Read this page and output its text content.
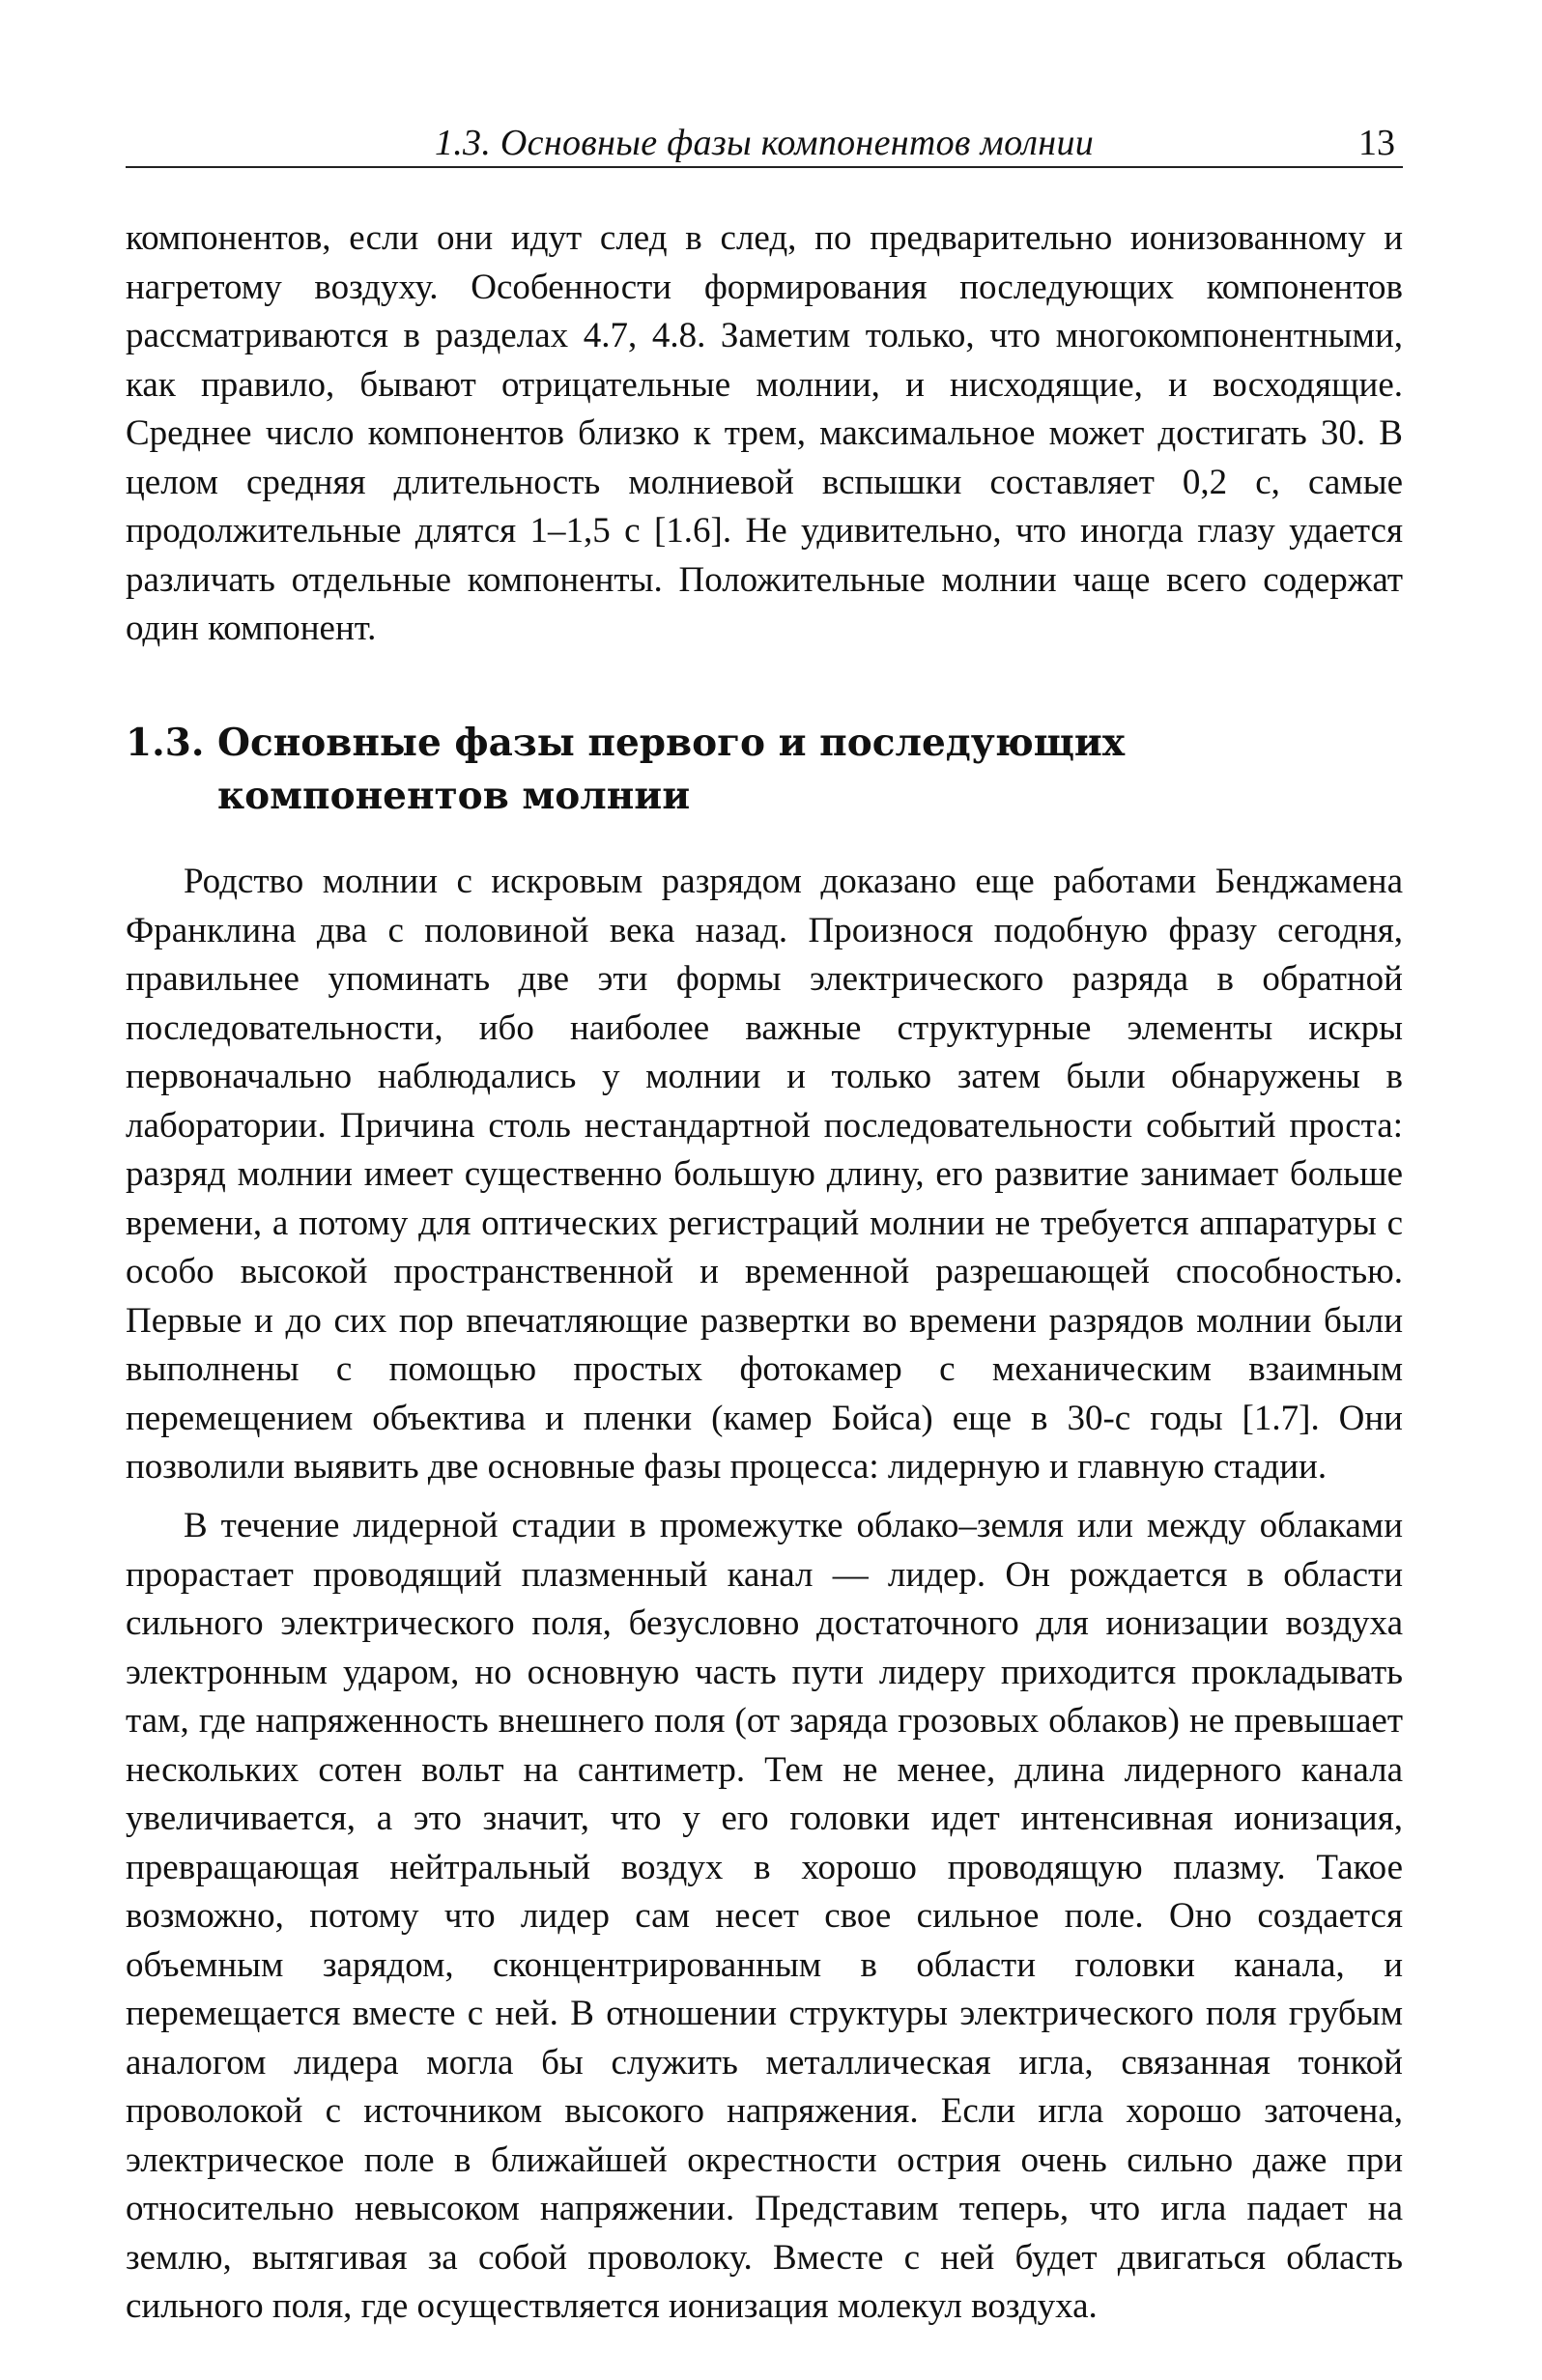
1.3. Основные фазы компонентов молнии	13

компонентов, если они идут след в след, по предварительно ионизованному и нагретому воздуху. Особенности формирования последующих компонентов рассматриваются в разделах 4.7, 4.8. Заметим только, что многокомпонентными, как правило, бывают отрицательные молнии, и нисходящие, и восходящие. Среднее число компонентов близко к трем, максимальное может достигать 30. В целом средняя длительность молниевой вспышки составляет 0,2 с, самые продолжительные длятся 1–1,5 с [1.6]. Не удивительно, что иногда глазу удается различать отдельные компоненты. Положительные молнии чаще всего содержат один компонент.

1.3. Основные фазы первого и последующих
компонентов молнии

Родство молнии с искровым разрядом доказано еще работами Бенджамена Франклина два с половиной века назад. Произнося подобную фразу сегодня, правильнее упоминать две эти формы электрического разряда в обратной последовательности, ибо наиболее важные структурные элементы искры первоначально наблюдались у молнии и только затем были обнаружены в лаборатории. Причина столь нестандартной последовательности событий проста: разряд молнии имеет существенно большую длину, его развитие занимает больше времени, а потому для оптических регистраций молнии не требуется аппаратуры с особо высокой пространственной и временной разрешающей способностью. Первые и до сих пор впечатляющие развертки во времени разрядов молнии были выполнены с помощью простых фотокамер с механическим взаимным перемещением объектива и пленки (камер Бойса) еще в 30-с годы [1.7]. Они позволили выявить две основные фазы процесса: лидерную и главную стадии.

В течение лидерной стадии в промежутке облако–земля или между облаками прорастает проводящий плазменный канал — лидер. Он рождается в области сильного электрического поля, безусловно достаточного для ионизации воздуха электронным ударом, но основную часть пути лидеру приходится прокладывать там, где напряженность внешнего поля (от заряда грозовых облаков) не превышает нескольких сотен вольт на сантиметр. Тем не менее, длина лидерного канала увеличивается, а это значит, что у его головки идет интенсивная ионизация, превращающая нейтральный воздух в хорошо проводящую плазму. Такое возможно, потому что лидер сам несет свое сильное поле. Оно создается объемным зарядом, сконцентрированным в области головки канала, и перемещается вместе с ней. В отношении структуры электрического поля грубым аналогом лидера могла бы служить металлическая игла, связанная тонкой проволокой с источником высокого напряжения. Если игла хорошо заточена, электрическое поле в ближайшей окрестности острия очень сильно даже при относительно невысоком напряжении. Представим теперь, что игла падает на землю, вытягивая за собой проволоку. Вместе с ней будет двигаться область сильного поля, где осуществляется ионизация молекул воздуха.
